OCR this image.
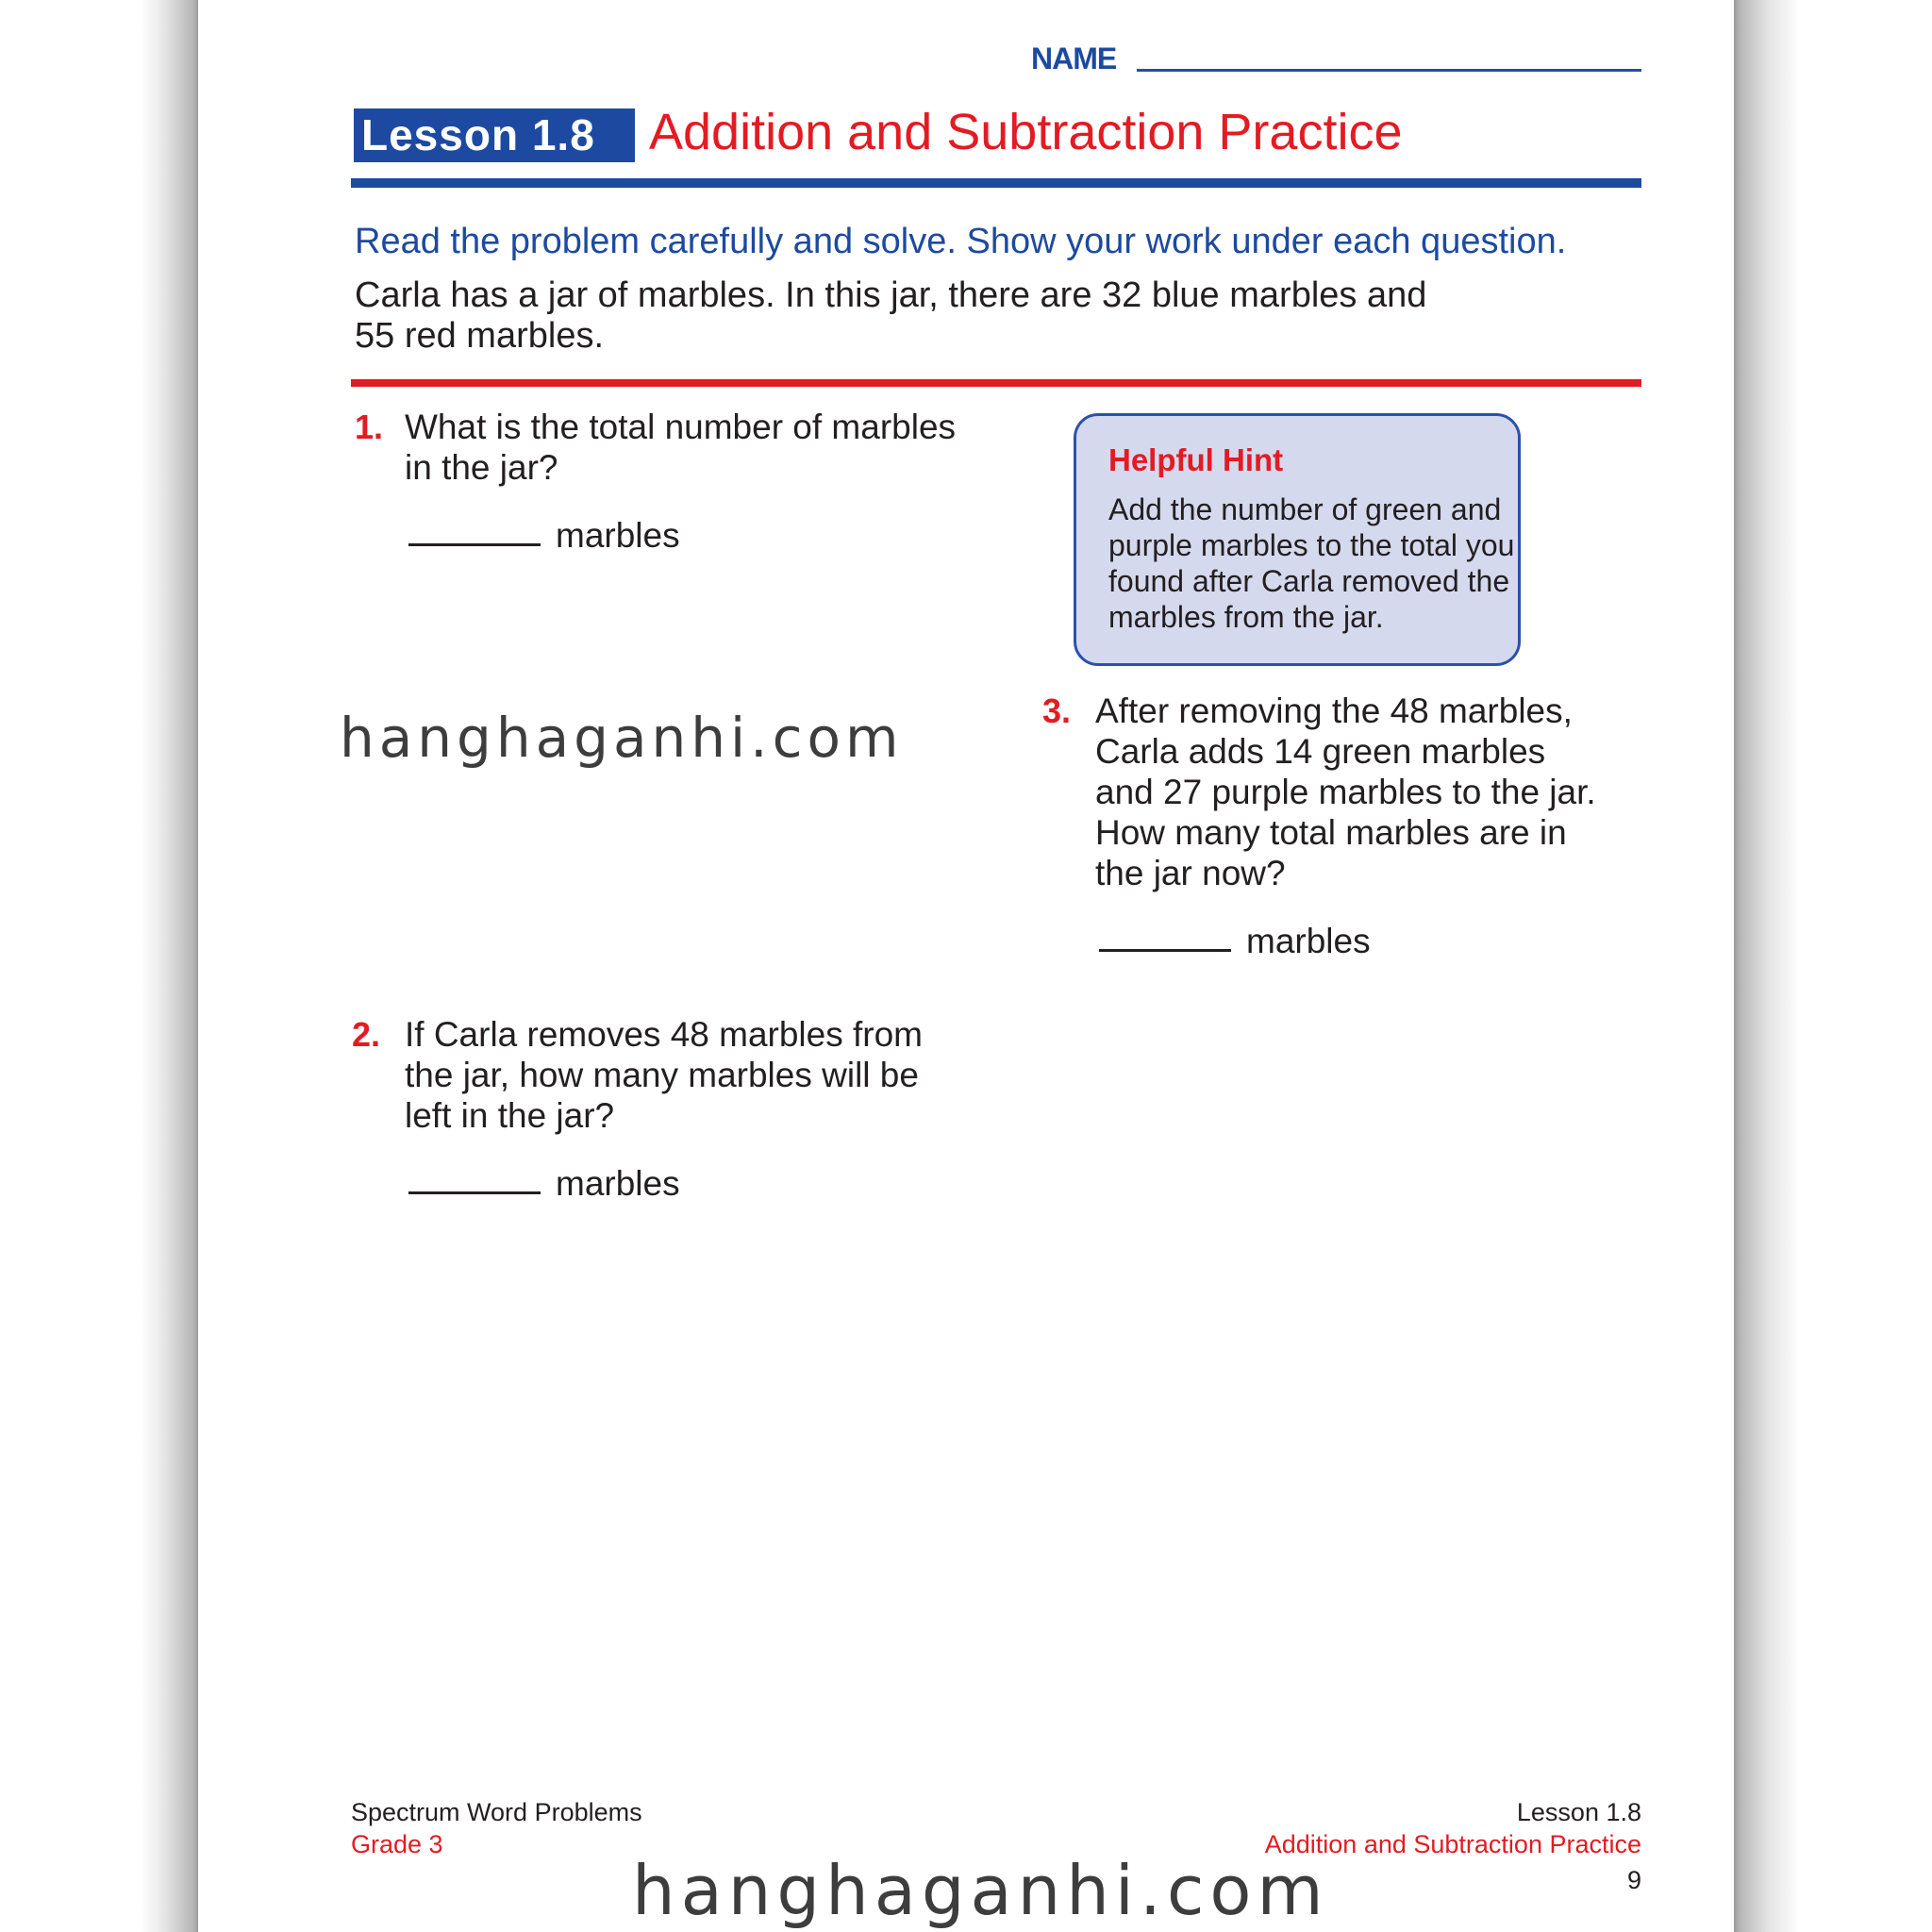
NAME
Lesson 1.8	Addition and Subtraction Practice
Read the problem carefully and solve. Show your work under each question.
Carla has a jar of marbles. In this jar, there are 32 blue marbles and
55 red marbles.
1. What is the total number of marbles
in the jar?
marbles
Helpful Hint
Add the number of green and
purple marbles to the total you
found after Carla removed the
marbles from the jar.
hanghaganhi.com	3. After removing the 48 marbles,
Carla adds 14 green marbles
and 27 purple marbles to the jar.
How many total marbles are in
the jar now?
marbles
2. If Carla removes 48 marbles from
the jar, how many marbles will be
left in the jar?
marbles
Spectrum Word Problems
Grade 3
Lesson 1.8
Addition and Subtraction Practice
9
hanghaganhi.com
